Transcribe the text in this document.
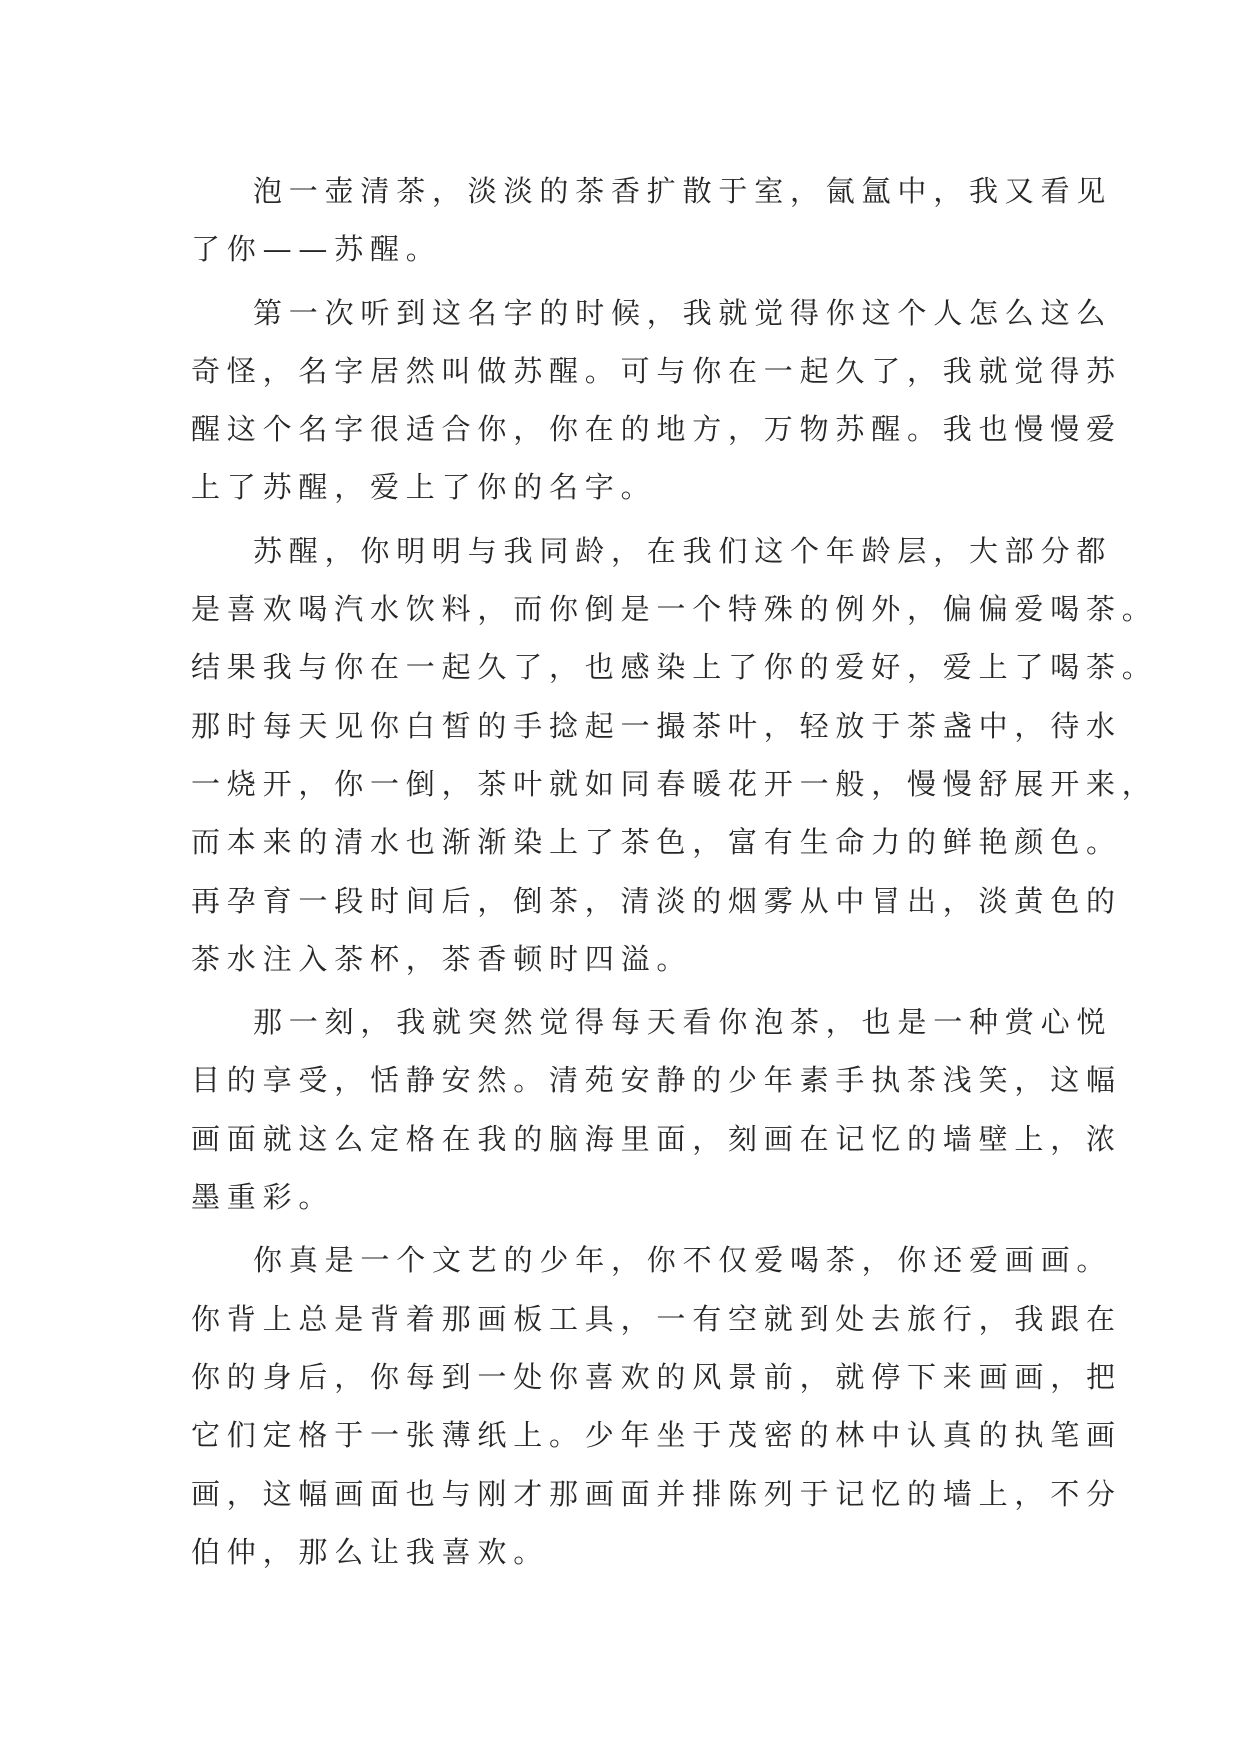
泡一壶清茶，淡淡的茶香扩散于室，氤氲中，我又看见
了你——苏醒。
第一次听到这名字的时候，我就觉得你这个人怎么这么
奇怪，名字居然叫做苏醒。可与你在一起久了，我就觉得苏
醒这个名字很适合你，你在的地方，万物苏醒。我也慢慢爱
上了苏醒，爱上了你的名字。
苏醒，你明明与我同龄，在我们这个年龄层，大部分都
是喜欢喝汽水饮料，而你倒是一个特殊的例外，偏偏爱喝茶。
结果我与你在一起久了，也感染上了你的爱好，爱上了喝茶。
那时每天见你白皙的手捻起一撮茶叶，轻放于茶盏中，待水
一烧开，你一倒，茶叶就如同春暖花开一般，慢慢舒展开来，
而本来的清水也渐渐染上了茶色，富有生命力的鲜艳颜色。
再孕育一段时间后，倒茶，清淡的烟雾从中冒出，淡黄色的
茶水注入茶杯，茶香顿时四溢。
那一刻，我就突然觉得每天看你泡茶，也是一种赏心悦
目的享受，恬静安然。清苑安静的少年素手执茶浅笑，这幅
画面就这么定格在我的脑海里面，刻画在记忆的墙壁上，浓
墨重彩。
你真是一个文艺的少年，你不仅爱喝茶，你还爱画画。
你背上总是背着那画板工具，一有空就到处去旅行，我跟在
你的身后，你每到一处你喜欢的风景前，就停下来画画，把
它们定格于一张薄纸上。少年坐于茂密的林中认真的执笔画
画，这幅画面也与刚才那画面并排陈列于记忆的墙上，不分
伯仲，那么让我喜欢。
